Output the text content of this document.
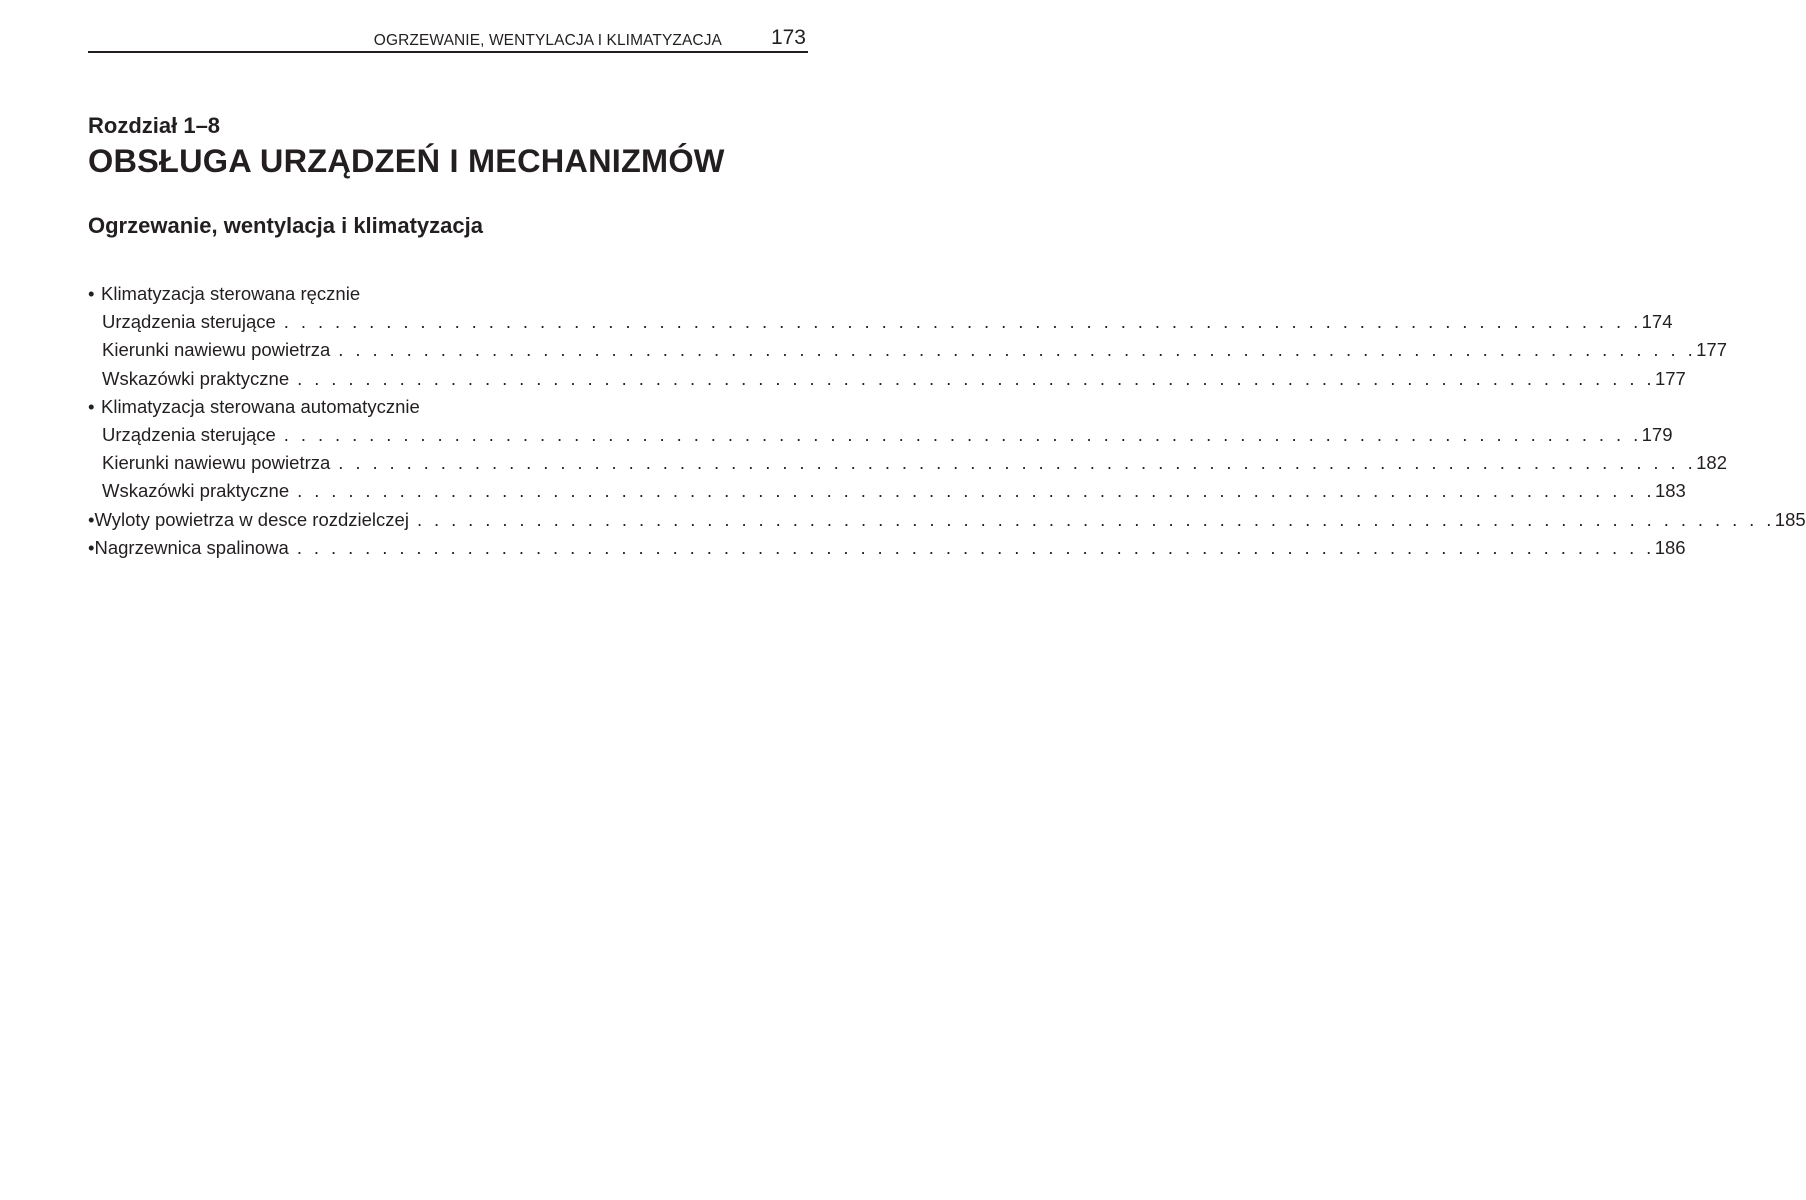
OGRZEWANIE, WENTYLACJA I KLIMATYZACJA 173
Rozdział 1–8
OBSŁUGA URZĄDZEŃ I MECHANIZMÓW
Ogrzewanie, wentylacja i klimatyzacja
• Klimatyzacja sterowana ręcznie
Urządzenia sterujące . . . . . . . . . . . . . . . . . . . . . . . . . . . . . . . . . . . . . . . . . . . . . . . . . . . . . . . . . . . . . . . . . . . . . . . . . . . . . . . . 174
Kierunki nawiewu powietrza . . . . . . . . . . . . . . . . . . . . . . . . . . . . . . . . . . . . . . . . . . . . . . . . . . . . . . . . . . . . . . . . . . . . . . . . . . . . . . . . 177
Wskazówki praktyczne . . . . . . . . . . . . . . . . . . . . . . . . . . . . . . . . . . . . . . . . . . . . . . . . . . . . . . . . . . . . . . . . . . . . . . . . . . . . . . . . 177
• Klimatyzacja sterowana automatycznie
Urządzenia sterujące . . . . . . . . . . . . . . . . . . . . . . . . . . . . . . . . . . . . . . . . . . . . . . . . . . . . . . . . . . . . . . . . . . . . . . . . . . . . . . . . 179
Kierunki nawiewu powietrza . . . . . . . . . . . . . . . . . . . . . . . . . . . . . . . . . . . . . . . . . . . . . . . . . . . . . . . . . . . . . . . . . . . . . . . . . . . . . . . . 182
Wskazówki praktyczne . . . . . . . . . . . . . . . . . . . . . . . . . . . . . . . . . . . . . . . . . . . . . . . . . . . . . . . . . . . . . . . . . . . . . . . . . . . . . . . . 183
• Wyloty powietrza w desce rozdzielczej . . . . . . . . . . . . . . . . . . . . . . . . . . . . . . . . . . . . . . . . . . . . . . . . . . . . . . . . . . . . . . . . . . . . . . . . . . . . . . . . 185
• Nagrzewnica spalinowa . . . . . . . . . . . . . . . . . . . . . . . . . . . . . . . . . . . . . . . . . . . . . . . . . . . . . . . . . . . . . . . . . . . . . . . . . . . . . . . . 186
